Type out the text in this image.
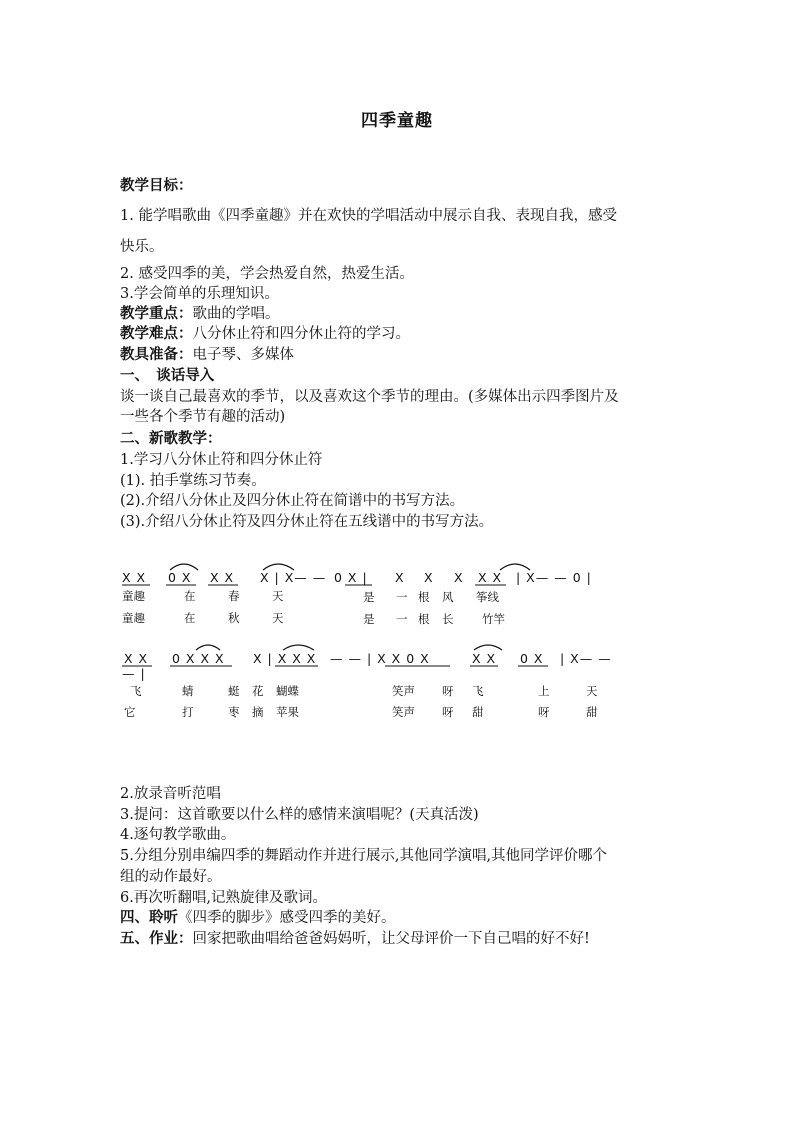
四季童趣
教学目标：
1. 能学唱歌曲《四季童趣》并在欢快的学唱活动中展示自我、表现自我，感受
快乐。
2. 感受四季的美，学会热爱自然，热爱生活。
3.学会简单的乐理知识。
教学重点：歌曲的学唱。
教学难点：八分休止符和四分休止符的学习。
教具准备：电子琴、多媒体
一、　谈话导入
谈一谈自己最喜欢的季节，以及喜欢这个季节的理由。(多媒体出示四季图片及
一些各个季节有趣的活动)
二、新歌教学：
1.学习八分休止符和四分休止符
(1). 拍手掌练习节奏。
(2).介绍八分休止及四分休止符在简谱中的书写方法。
(3).介绍八分休止符及四分休止符在五线谱中的书写方法。
X X 0 X X X X | X— — 0 X | X X X X X | X— — 0 |
童趣	在	春	天	是 一 根 风 筝线
童趣	在	秋	天	是 一 根 长 竹竿
X X 0 X X X X | X X X — — | X X 0 X	X X 0 X | X— —
— |
飞	蜻	蜓 花 蝴蝶	笑声 呀 飞	上	天
它	打	枣 摘 苹果	笑声 呀 甜	呀	甜
2.放录音听范唱
3.提问：这首歌要以什么样的感情来演唱呢？(天真活泼)
4.逐句教学歌曲。
5.分组分别串编四季的舞蹈动作并进行展示,其他同学演唱,其他同学评价哪个
组的动作最好。
6.再次听翻唱,记熟旋律及歌词。
四、聆听《四季的脚步》感受四季的美好。
五、作业：回家把歌曲唱给爸爸妈妈听，让父母评价一下自己唱的好不好!
